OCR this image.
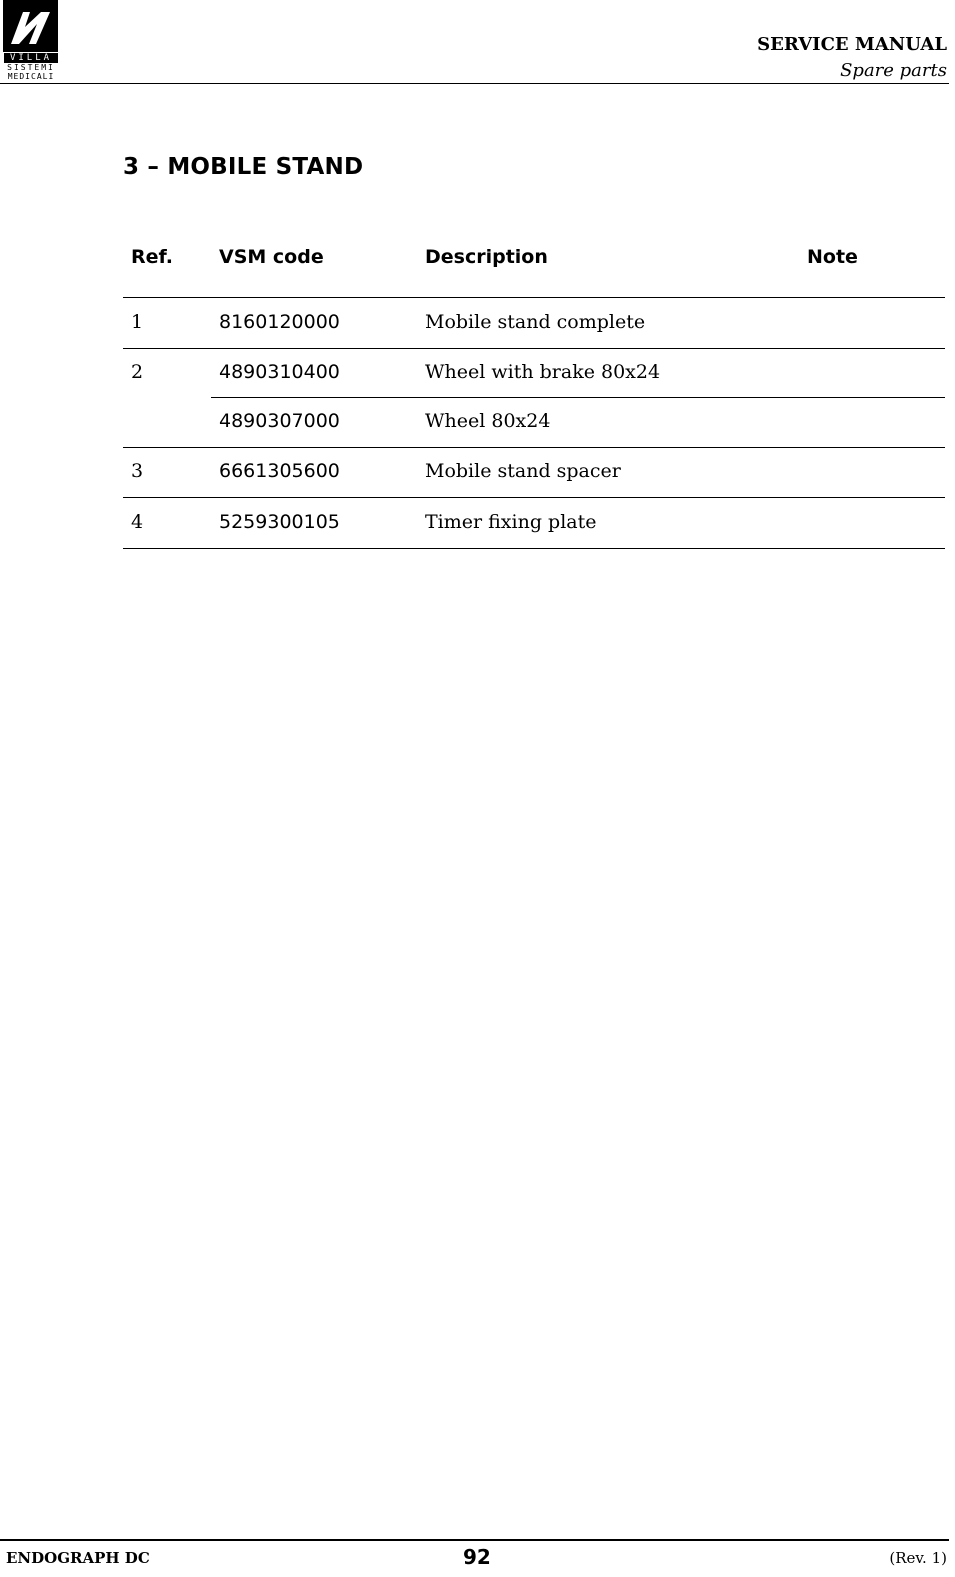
VILLA
SISTEMI
MEDICALI
SERVICE MANUAL
Spare parts
3 – MOBILE STAND
Ref. VSM code	Description	Note
1	8160120000	Mobile stand complete
2	4890310400	Wheel with brake 80x24
4890307000	Wheel 80x24
3	6661305600	Mobile stand spacer
4	5259300105	Timer fixing plate
ENDOGRAPH DC	92	(Rev. 1)
